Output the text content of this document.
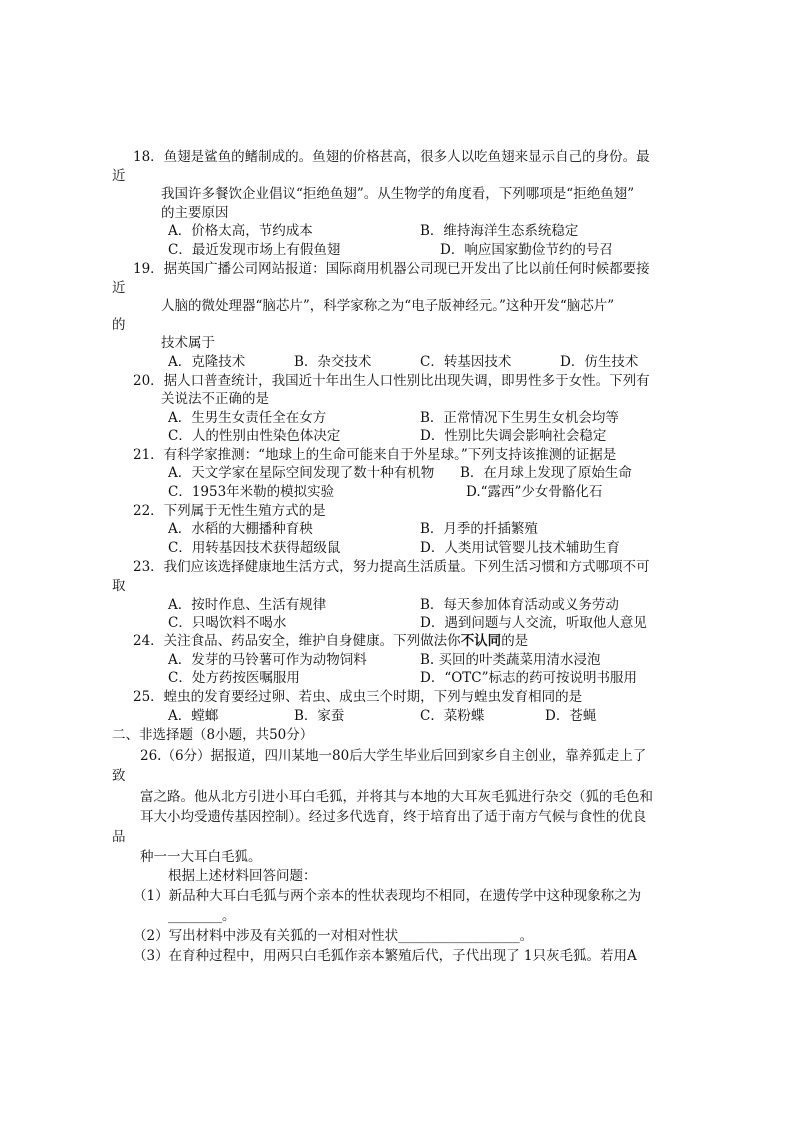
18．鱼翅是鲨鱼的鳍制成的。鱼翅的价格甚高，很多人以吃鱼翅来显示自己的身份。最
近
我国许多餐饮企业倡议“拒绝鱼翅”。从生物学的角度看，下列哪项是“拒绝鱼翅”
的主要原因
A．价格太高，节约成本	B．维持海洋生态系统稳定
C．最近发现市场上有假鱼翅	D．响应国家勤俭节约的号召
19．据英国广播公司网站报道：国际商用机器公司现已开发出了比以前任何时候都要接
近
人脑的微处理器“脑芯片”，科学家称之为“电子版神经元。”这种开发“脑芯片”
的
技术属于
A．克隆技术	B．杂交技术	C．转基因技术	D．仿生技术
20．据人口普查统计，我国近十年出生人口性别比出现失调，即男性多于女性。下列有
关说法不正确的是
A．生男生女责任全在女方	B．正常情况下生男生女机会均等
C．人的性别由性染色体决定	D．性别比失调会影响社会稳定
21．有科学家推测：“地球上的生命可能来自于外星球。”下列支持该推测的证据是
A．天文学家在星际空间发现了数十种有机物 B．在月球上发现了原始生命
C．1953年米勒的模拟实验	D.“露西”少女骨骼化石
22．下列属于无性生殖方式的是
A．水稻的大棚播种育秧	B．月季的扦插繁殖
C．用转基因技术获得超级鼠	D．人类用试管婴儿技术辅助生育
23．我们应该选择健康地生活方式，努力提高生活质量。下列生活习惯和方式哪项不可
取
A．按时作息、生活有规律	B．每天参加体育活动或义务劳动
C．只喝饮料不喝水	D．遇到问题与人交流，听取他人意见
24．关注食品、药品安全，维护自身健康。下列做法你不认同的是
A．发芽的马铃薯可作为动物饲料	B. 买回的叶类蔬菜用清水浸泡
C．处方药按医嘱服用	D．“OTC”标志的药可按说明书服用
25．蝗虫的发育要经过卵、若虫、成虫三个时期，下列与蝗虫发育相同的是
A．螳螂	B．家蚕	C．菜粉蝶	D．苍蝇
二、非选择题（8小题，共50分）
26.（6分）据报道，四川某地一80后大学生毕业后回到家乡自主创业，靠养狐走上了
致
富之路。他从北方引进小耳白毛狐，并将其与本地的大耳灰毛狐进行杂交（狐的毛色和
耳大小均受遗传基因控制）。经过多代选育，终于培育出了适于南方气候与食性的优良
品
种一一大耳白毛狐。
根据上述材料回答问题：
（1）新品种大耳白毛狐与两个亲本的性状表现均不相同，在遗传学中这种现象称之为
________。
（2）写出材料中涉及有关狐的一对相对性状__________________。
（3）在育种过程中，用两只白毛狐作亲本繁殖后代，子代出现了 1只灰毛狐。若用A
